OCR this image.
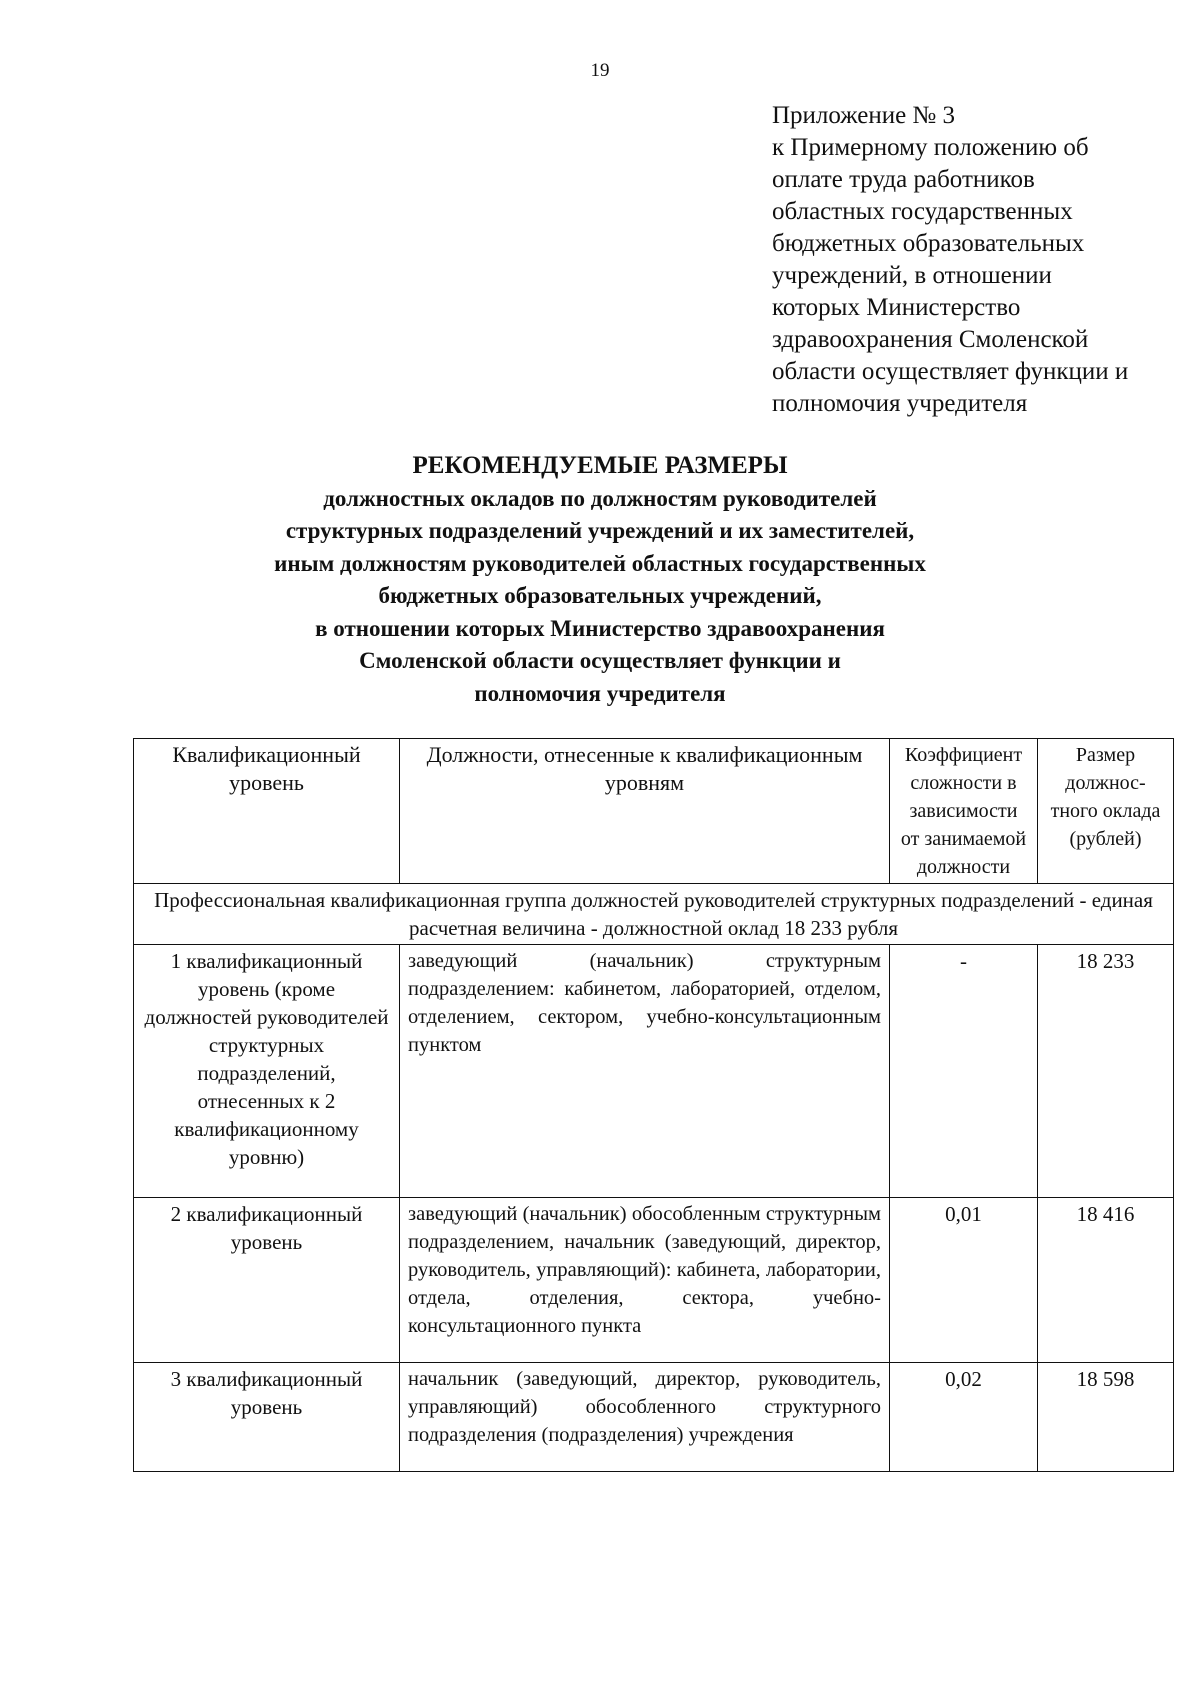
19
Приложение № 3
к Примерному положению об
оплате труда работников
областных государственных
бюджетных образовательных
учреждений, в отношении
которых Министерство
здравоохранения Смоленской
области осуществляет функции и
полномочия учредителя
РЕКОМЕНДУЕМЫЕ РАЗМЕРЫ
должностных окладов по должностям руководителей
структурных подразделений учреждений и их заместителей,
иным должностям руководителей областных государственных
бюджетных образовательных учреждений,
в отношении которых Министерство здравоохранения
Смоленской области осуществляет функции и
полномочия учредителя
Квалификационный уровень	Должности, отнесенные к квалификационным уровням	Коэффициент сложности в зависимости от занимаемой должности	Размер должнос-тного оклада (рублей)
Профессиональная квалификационная группа должностей руководителей структурных подразделений - единая расчетная величина - должностной оклад 18 233 рубля			
1 квалификационный уровень (кроме должностей руководителей структурных подразделений, отнесенных к 2 квалификационному уровню)	заведующий (начальник) структурным подразделением: кабинетом, лабораторией, отделом, отделением, сектором, учебно-консультационным пунктом	-	18 233
2 квалификационный уровень	заведующий (начальник) обособленным структурным подразделением, начальник (заведующий, директор, руководитель, управляющий): кабинета, лаборатории, отдела, отделения, сектора, учебно-консультационного пункта	0,01	18 416
3 квалификационный уровень	начальник (заведующий, директор, руководитель, управляющий) обособленного структурного подразделения (подразделения) учреждения	0,02	18 598
